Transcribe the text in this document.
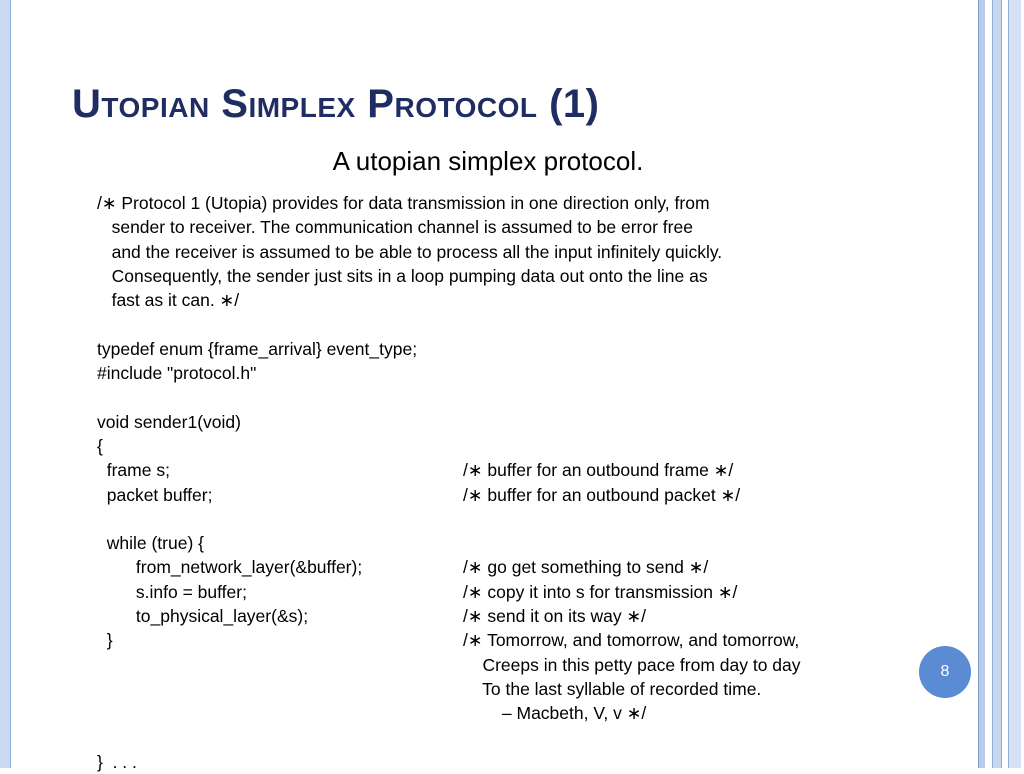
Utopian Simplex Protocol (1)
A utopian simplex protocol.
/∗ Protocol 1 (Utopia) provides for data transmission in one direction only, from
sender to receiver. The communication channel is assumed to be error free
and the receiver is assumed to be able to process all the input infinitely quickly.
Consequently, the sender just sits in a loop pumping data out onto the line as
fast as it can. ∗/
typedef enum {frame_arrival} event_type;
#include "protocol.h"
void sender1(void)
{
frame s;	/∗ buffer for an outbound frame ∗/
packet buffer;	/∗ buffer for an outbound packet ∗/
while (true) {
from_network_layer(&buffer);	/∗ go get something to send ∗/
s.info = buffer;	/∗ copy it into s for transmission ∗/
to_physical_layer(&s);	/∗ send it on its way ∗/
}	/∗ Tomorrow, and tomorrow, and tomorrow,
Creeps in this petty pace from day to day
To the last syllable of recorded time.
– Macbeth, V, v ∗/
}  . . .
8
